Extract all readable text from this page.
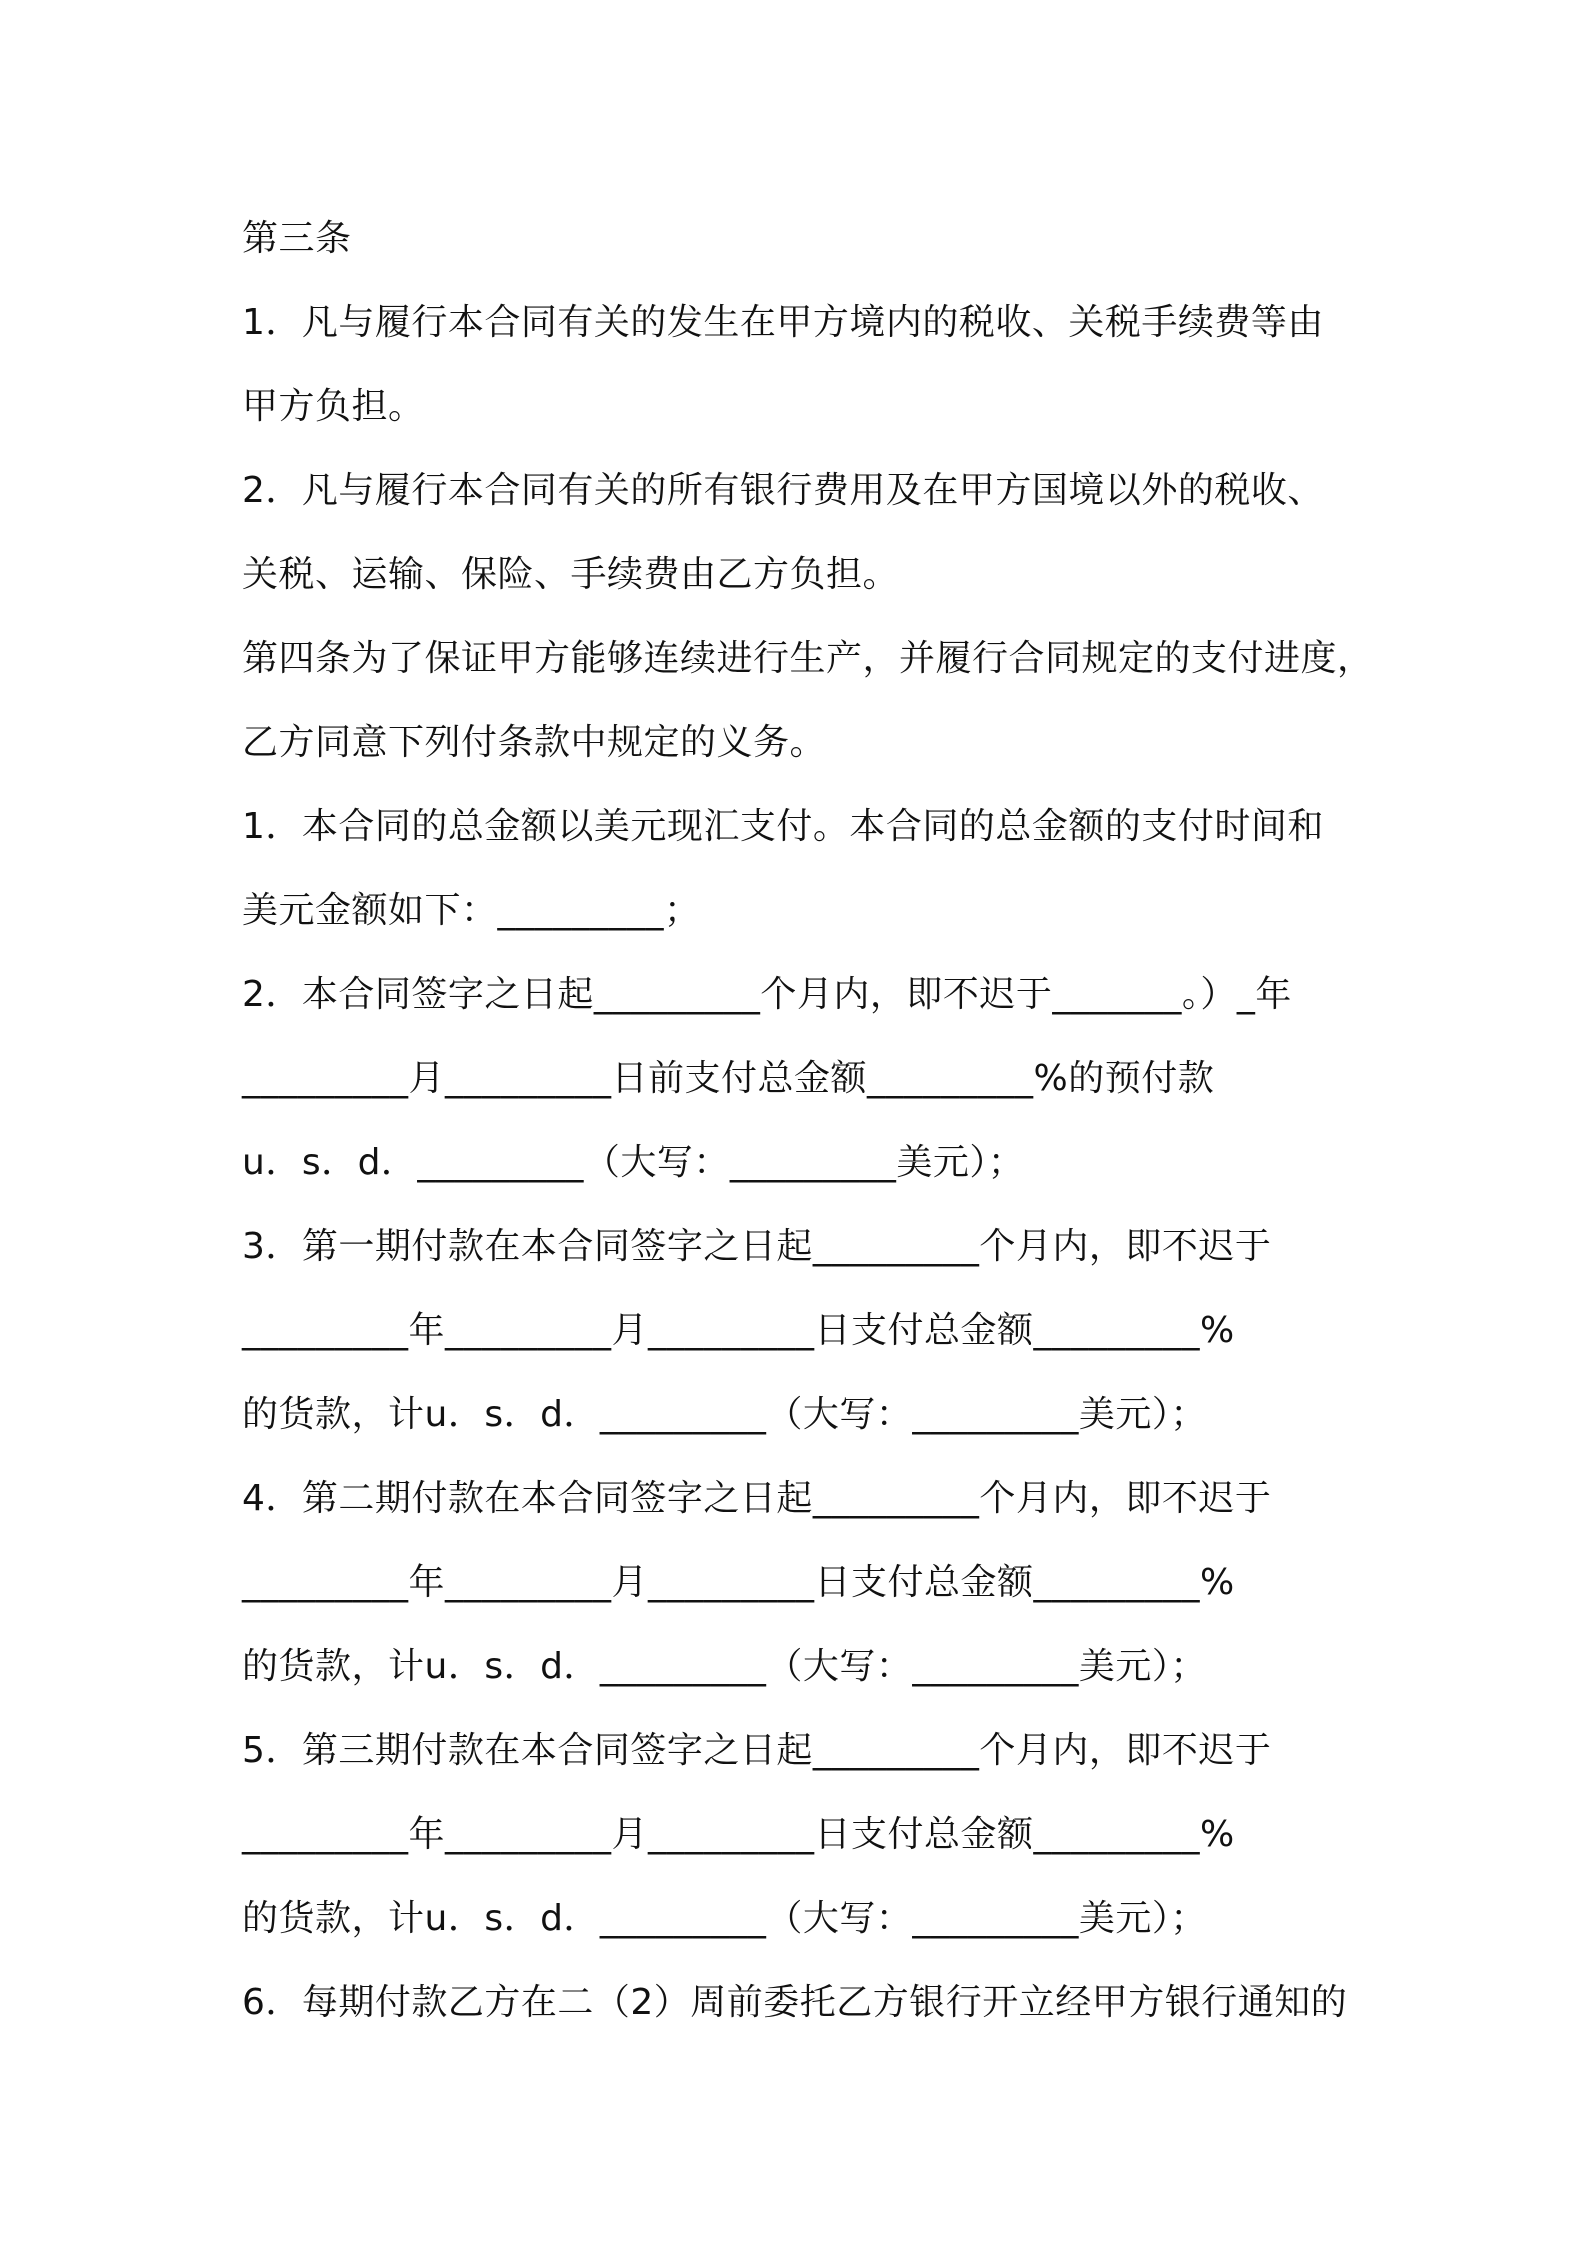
第三条
1．凡与履行本合同有关的发生在甲方境内的税收、关税手续费等由
甲方负担。
2．凡与履行本合同有关的所有银行费用及在甲方国境以外的税收、
关税、运输、保险、手续费由乙方负担。
第四条为了保证甲方能够连续进行生产，并履行合同规定的支付进度，
乙方同意下列付条款中规定的义务。
1．本合同的总金额以美元现汇支付。本合同的总金额的支付时间和
美元金额如下：_________；
2．本合同签字之日起_________个月内，即不迟于_______。）_年
_________月_________日前支付总金额_________%的预付款
u．s．d．_________（大写：_________美元）；
3．第一期付款在本合同签字之日起_________个月内，即不迟于
_________年_________月_________日支付总金额_________%
的货款，计u．s．d．_________（大写：_________美元）；
4．第二期付款在本合同签字之日起_________个月内，即不迟于
_________年_________月_________日支付总金额_________%
的货款，计u．s．d．_________（大写：_________美元）；
5．第三期付款在本合同签字之日起_________个月内，即不迟于
_________年_________月_________日支付总金额_________%
的货款，计u．s．d．_________（大写：_________美元）；
6．每期付款乙方在二（2）周前委托乙方银行开立经甲方银行通知的
